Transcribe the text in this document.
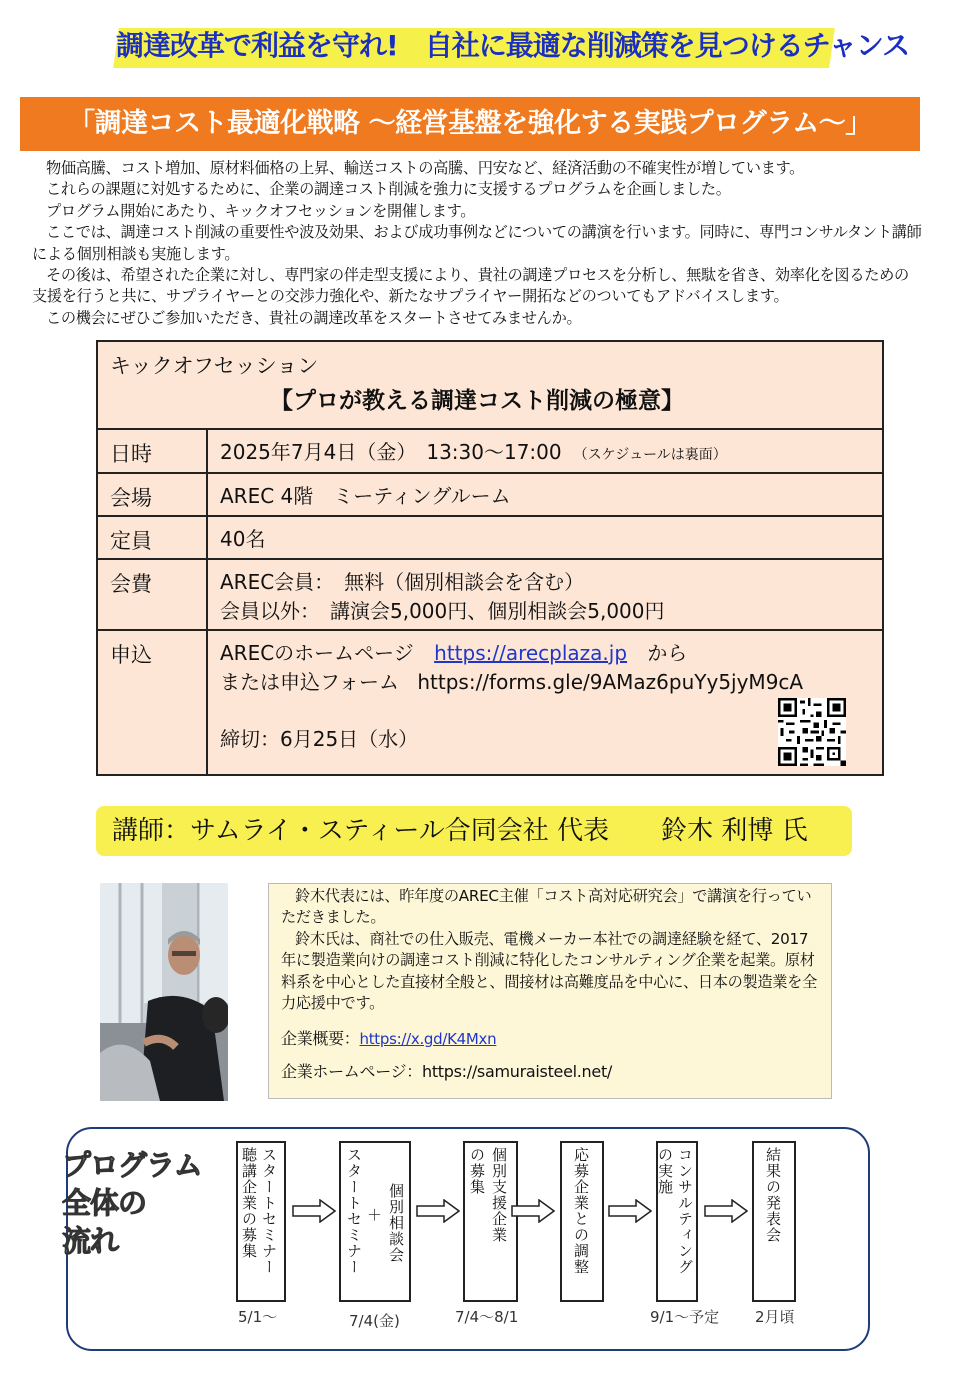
調達改革で利益を守れ!　自社に最適な削減策を見つけるチャンス
「調達コスト最適化戦略 ～経営基盤を強化する実践プログラム～」

物価高騰、コスト増加、原材料価格の上昇、輸送コストの高騰、円安など、経済活動の不確実性が増しています。

これらの課題に対処するために、企業の調達コスト削減を強力に支援するプログラムを企画しました。

プログラム開始にあたり、キックオフセッションを開催します。

ここでは、調達コスト削減の重要性や波及効果、および成功事例などについての講演を行います。同時に、専門コンサルタント講師による個別相談も実施します。

その後は、希望された企業に対し、専門家の伴走型支援により、貴社の調達プロセスを分析し、無駄を省き、効率化を図るための支援を行うと共に、サプライヤーとの交渉力強化や、新たなサプライヤー開拓などのついてもアドバイスします。

この機会にぜひご参加いただき、貴社の調達改革をスタートさせてみませんか。

キックオフセッション
【プロが教える調達コスト削減の極意】
日時	2025年7月4日（金）　13:30～17:00 （スケジュールは裏面）
会場	AREC 4階　ミーティングルーム
定員	40名
会費	AREC会員：　無料（個別相談会を含む）
会員以外：　講演会5,000円、個別相談会5,000円
申込	ARECのホームページ https://arecplaza.jp から
または申込フォーム https://forms.gle/9AMaz6puYy5jyM9cA
締切：6月25日（水）
講師：サムライ・スティール合同会社 代表　　鈴木 利博 氏

鈴木代表には、昨年度のAREC主催「コスト高対応研究会」で講演を行っていただきました。

鈴木氏は、商社での仕入販売、電機メーカー本社での調達経験を経て、2017年に製造業向けの調達コスト削減に特化したコンサルティング企業を起業。原材料系を中心とした直接材全般と、間接材は高難度品を中心に、日本の製造業を全力応援中です。

企業概要：https://x.gd/K4Mxn

企業ホームページ：https://samuraisteel.net/

プログラム
全体の
流れ	スタートセミナー
聴講企業の募集	スタートセミナー ＋ 個別相談会	個別支援企業
の募集	応募企業との調整	コンサルティング
の実施	結果の発表会
5/1～	7/4(金)	7/4～8/1	9/1～予定 2月頃
